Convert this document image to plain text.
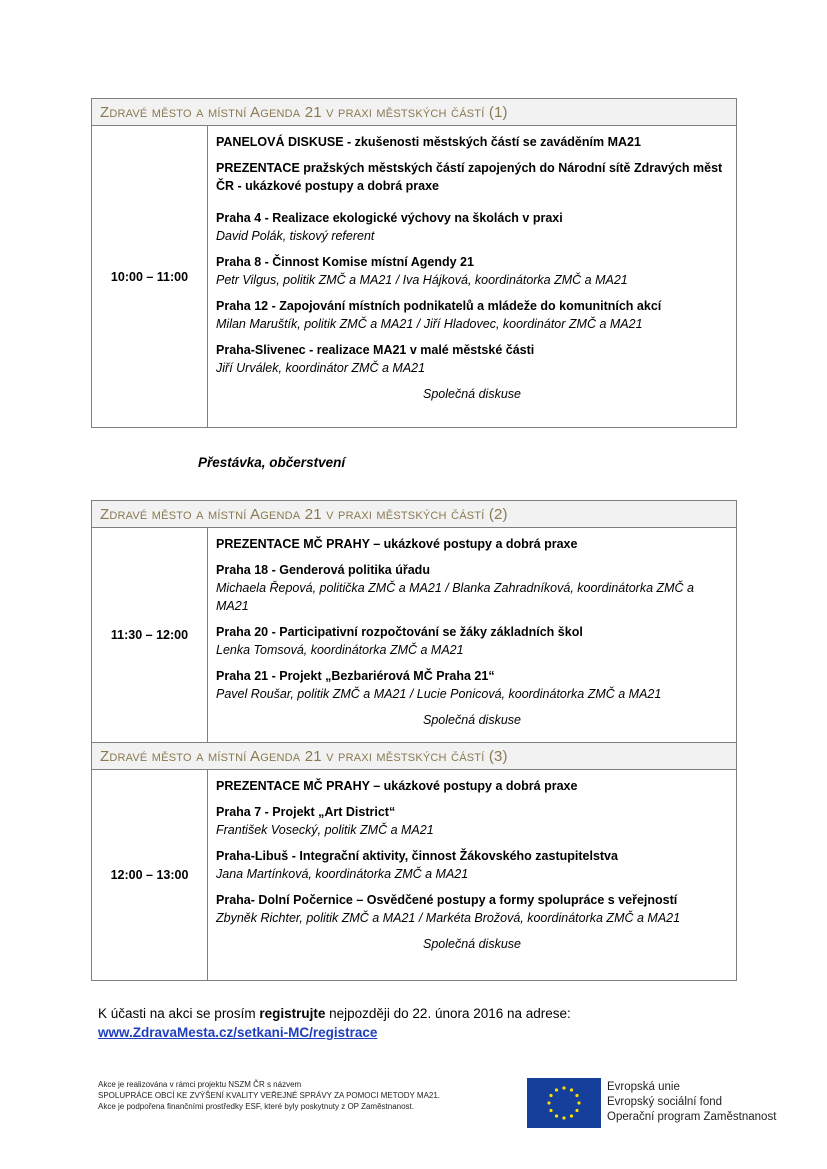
Zdravé město a místní Agenda 21 v praxi městských částí (1)
10:00 – 11:00
PANELOVÁ DISKUSE - zkušenosti městských částí se zaváděním MA21
PREZENTACE pražských městských částí zapojených do Národní sítě Zdravých měst ČR - ukázkové postupy a dobrá praxe
Praha 4 - Realizace ekologické výchovy na školách v praxi
David Polák, tiskový referent
Praha 8 - Činnost Komise místní Agendy 21
Petr Vilgus, politik ZMČ a MA21 / Iva Hájková, koordinátorka ZMČ a MA21
Praha 12 - Zapojování místních podnikatelů a mládeže do komunitních akcí
Milan Maruštík, politik ZMČ a MA21 / Jiří Hladovec, koordinátor ZMČ a MA21
Praha-Slivenec - realizace MA21 v malé městské části
Jiří Urválek, koordinátor ZMČ a MA21
Společná diskuse
Přestávka, občerstvení
Zdravé město a místní Agenda 21 v praxi městských částí (2)
11:30 – 12:00
PREZENTACE MČ PRAHY – ukázkové postupy a dobrá praxe
Praha 18 - Genderová politika úřadu
Michaela Řepová, politička ZMČ a MA21 / Blanka Zahradníková, koordinátorka ZMČ a MA21
Praha 20 - Participativní rozpočtování se žáky základních škol
Lenka Tomsová, koordinátorka ZMČ a MA21
Praha 21 - Projekt „Bezbariérová MČ Praha 21“
Pavel Roušar, politik ZMČ a MA21 / Lucie Ponicová, koordinátorka ZMČ a MA21
Společná diskuse
Zdravé město a místní Agenda 21 v praxi městských částí (3)
12:00 – 13:00
PREZENTACE MČ PRAHY – ukázkové postupy a dobrá praxe
Praha 7 - Projekt „Art District“
František Vosecký, politik ZMČ a MA21
Praha-Libuš - Integrační aktivity, činnost Žákovského zastupitelstva
Jana Martínková, koordinátorka ZMČ a MA21
Praha- Dolní Počernice – Osvědčené postupy a formy spolupráce s veřejností
Zbyněk Richter, politik ZMČ a MA21 / Markéta Brožová, koordinátorka ZMČ a MA21
Společná diskuse
K účasti na akci se prosím registrujte nejpozději do 22. února 2016 na adrese:
www.ZdravaMesta.cz/setkani-MC/registrace
Akce je realizována v rámci projektu NSZM ČR s názvem
SPOLUPRÁCE OBCÍ KE ZVÝŠENÍ KVALITY VEŘEJNÉ SPRÁVY ZA POMOCI METODY MA21.
Akce je podpořena finančními prostředky ESF, které byly poskytnuty z OP Zaměstnanost.
Evropská unie
Evropský sociální fond
Operační program Zaměstnanost
